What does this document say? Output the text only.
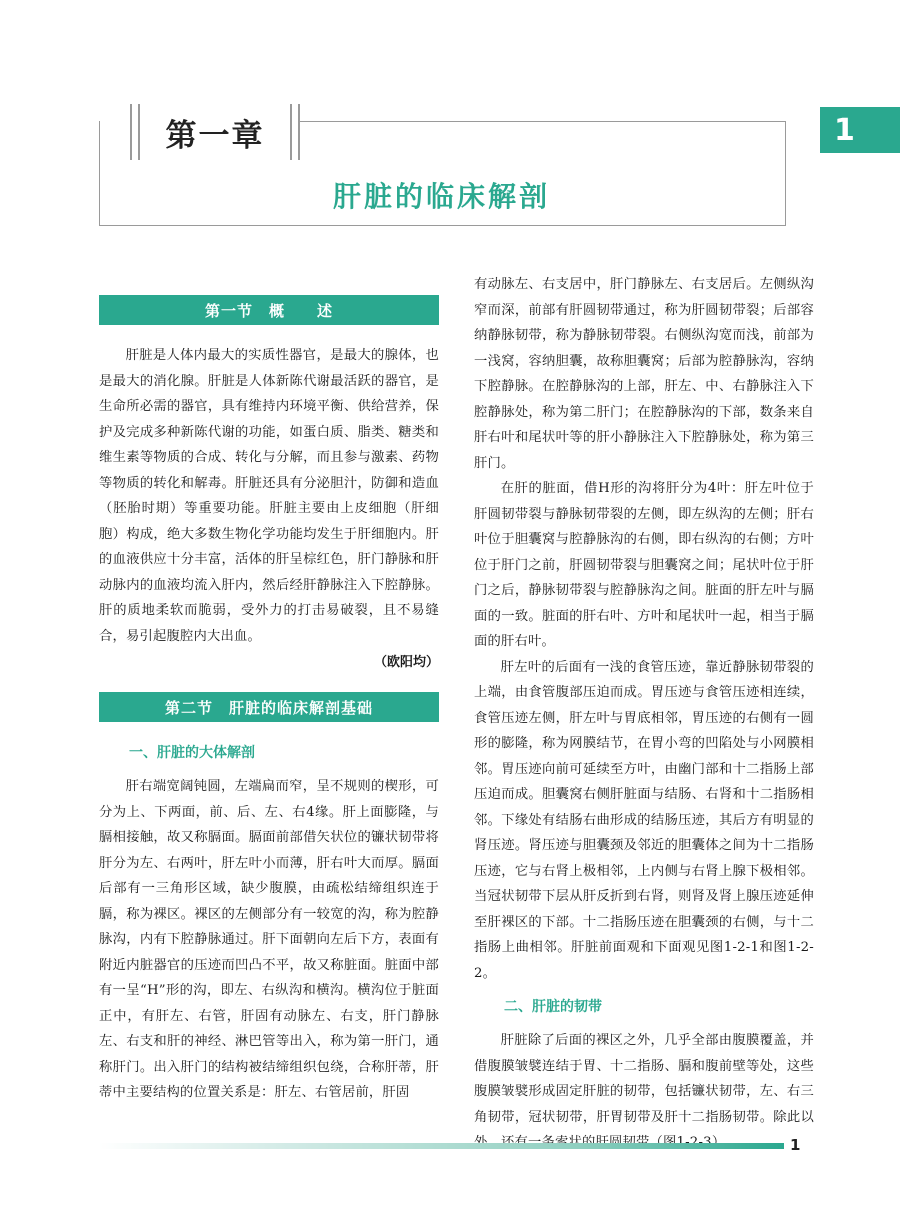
第一章
肝脏的临床解剖
1
第一节　概　　述

肝脏是人体内最大的实质性器官，是最大的腺体，也是最大的消化腺。肝脏是人体新陈代谢最活跃的器官，是生命所必需的器官，具有维持内环境平衡、供给营养，保护及完成多种新陈代谢的功能，如蛋白质、脂类、糖类和维生素等物质的合成、转化与分解，而且参与激素、药物等物质的转化和解毒。肝脏还具有分泌胆汁，防御和造血（胚胎时期）等重要功能。肝脏主要由上皮细胞（肝细胞）构成，绝大多数生物化学功能均发生于肝细胞内。肝的血液供应十分丰富，活体的肝呈棕红色，肝门静脉和肝动脉内的血液均流入肝内，然后经肝静脉注入下腔静脉。肝的质地柔软而脆弱，受外力的打击易破裂，且不易缝合，易引起腹腔内大出血。

（欧阳均）

第二节　肝脏的临床解剖基础
一、肝脏的大体解剖

肝右端宽阔钝圆，左端扁而窄，呈不规则的楔形，可分为上、下两面，前、后、左、右4缘。肝上面膨隆，与膈相接触，故又称膈面。膈面前部借矢状位的镰状韧带将肝分为左、右两叶，肝左叶小而薄，肝右叶大而厚。膈面后部有一三角形区域，缺少腹膜，由疏松结缔组织连于膈，称为裸区。裸区的左侧部分有一较宽的沟，称为腔静脉沟，内有下腔静脉通过。肝下面朝向左后下方，表面有附近内脏器官的压迹而凹凸不平，故又称脏面。脏面中部有一呈“H”形的沟，即左、右纵沟和横沟。横沟位于脏面正中，有肝左、右管，肝固有动脉左、右支，肝门静脉左、右支和肝的神经、淋巴管等出入，称为第一肝门，通称肝门。出入肝门的结构被结缔组织包绕，合称肝蒂，肝蒂中主要结构的位置关系是：肝左、右管居前，肝固

有动脉左、右支居中，肝门静脉左、右支居后。左侧纵沟窄而深，前部有肝圆韧带通过，称为肝圆韧带裂；后部容纳静脉韧带，称为静脉韧带裂。右侧纵沟宽而浅，前部为一浅窝，容纳胆囊，故称胆囊窝；后部为腔静脉沟，容纳下腔静脉。在腔静脉沟的上部，肝左、中、右静脉注入下腔静脉处，称为第二肝门；在腔静脉沟的下部，数条来自肝右叶和尾状叶等的肝小静脉注入下腔静脉处，称为第三肝门。

在肝的脏面，借H形的沟将肝分为4叶：肝左叶位于肝圆韧带裂与静脉韧带裂的左侧，即左纵沟的左侧；肝右叶位于胆囊窝与腔静脉沟的右侧，即右纵沟的右侧；方叶位于肝门之前，肝圆韧带裂与胆囊窝之间；尾状叶位于肝门之后，静脉韧带裂与腔静脉沟之间。脏面的肝左叶与膈面的一致。脏面的肝右叶、方叶和尾状叶一起，相当于膈面的肝右叶。

肝左叶的后面有一浅的食管压迹，靠近静脉韧带裂的上端，由食管腹部压迫而成。胃压迹与食管压迹相连续，食管压迹左侧，肝左叶与胃底相邻，胃压迹的右侧有一圆形的膨隆，称为网膜结节，在胃小弯的凹陷处与小网膜相邻。胃压迹向前可延续至方叶，由幽门部和十二指肠上部压迫而成。胆囊窝右侧肝脏面与结肠、右肾和十二指肠相邻。下缘处有结肠右曲形成的结肠压迹，其后方有明显的肾压迹。肾压迹与胆囊颈及邻近的胆囊体之间为十二指肠压迹，它与右肾上极相邻，上内侧与右肾上腺下极相邻。当冠状韧带下层从肝反折到右肾，则肾及肾上腺压迹延伸至肝裸区的下部。十二指肠压迹在胆囊颈的右侧，与十二指肠上曲相邻。肝脏前面观和下面观见图1-2-1和图1-2-2。

二、肝脏的韧带

肝脏除了后面的裸区之外，几乎全部由腹膜覆盖，并借腹膜皱襞连结于胃、十二指肠、膈和腹前壁等处，这些腹膜皱襞形成固定肝脏的韧带，包括镰状韧带，左、右三角韧带，冠状韧带，肝胃韧带及肝十二指肠韧带。除此以

1
